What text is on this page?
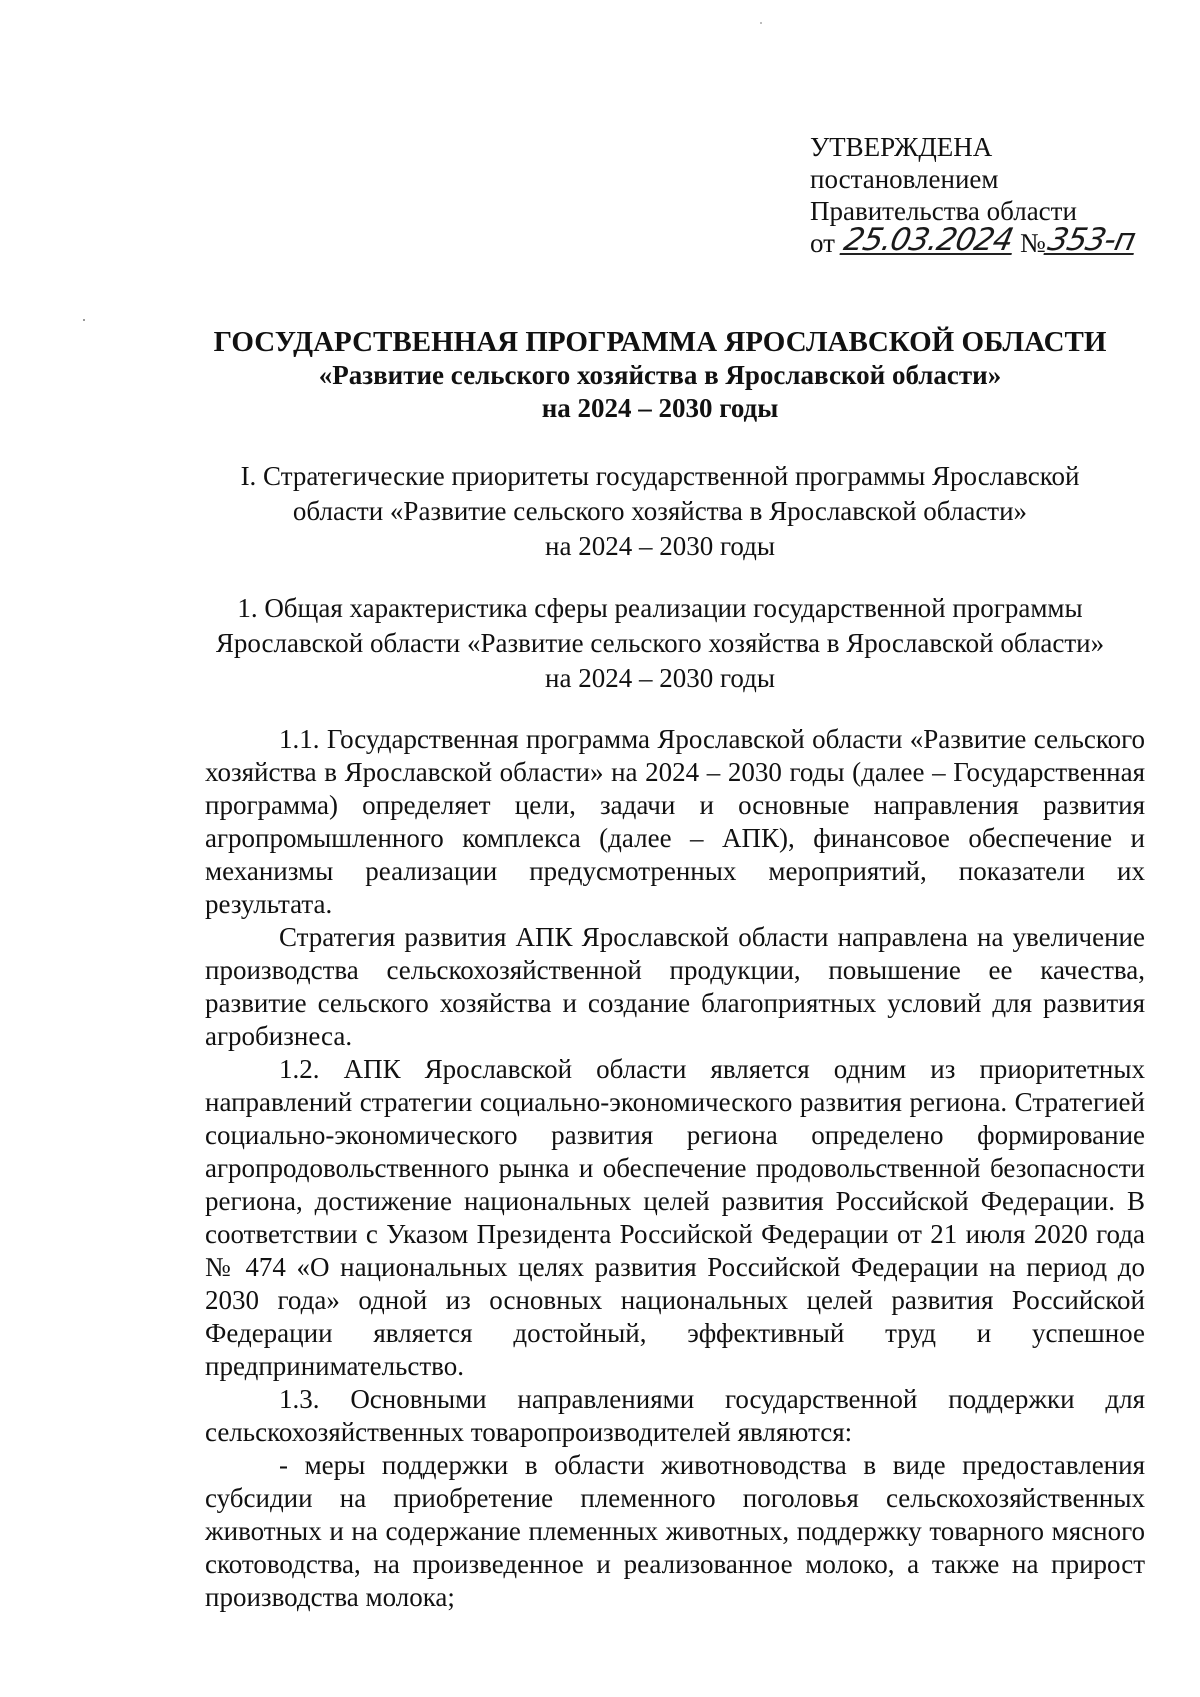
УТВЕРЖДЕНА
постановлением
Правительства области
от 25.03.2024 №353-п
ГОСУДАРСТВЕННАЯ ПРОГРАММА ЯРОСЛАВСКОЙ ОБЛАСТИ
«Развитие сельского хозяйства в Ярославской области»
на 2024 – 2030 годы
I. Стратегические приоритеты государственной программы Ярославской
области «Развитие сельского хозяйства в Ярославской области»
на 2024 – 2030 годы
1. Общая характеристика сферы реализации государственной программы
Ярославской области «Развитие сельского хозяйства в Ярославской области»
на 2024 – 2030 годы

1.1. Государственная программа Ярославской области «Развитие сельского хозяйства в Ярославской области» на 2024 – 2030 годы (далее – Государственная программа) определяет цели, задачи и основные направления развития агропромышленного комплекса (далее – АПК), финансовое обеспечение и механизмы реализации предусмотренных мероприятий, показатели их результата.

Стратегия развития АПК Ярославской области направлена на увеличение производства сельскохозяйственной продукции, повышение ее качества, развитие сельского хозяйства и создание благоприятных условий для развития агробизнеса.

1.2. АПК Ярославской области является одним из приоритетных направлений стратегии социально-экономического развития региона. Стратегией социально-экономического развития региона определено формирование агропродовольственного рынка и обеспечение продовольственной безопасности региона, достижение национальных целей развития Российской Федерации. В соответствии с Указом Президента Российской Федерации от 21 июля 2020 года № 474 «О национальных целях развития Российской Федерации на период до 2030 года» одной из основных национальных целей развития Российской Федерации является достойный, эффективный труд и успешное предпринимательство.

1.3. Основными направлениями государственной поддержки для сельскохозяйственных товаропроизводителей являются:

- меры поддержки в области животноводства в виде предоставления субсидии на приобретение племенного поголовья сельскохозяйственных животных и на содержание племенных животных, поддержку товарного мясного скотоводства, на произведенное и реализованное молоко, а также на прирост производства молока;
